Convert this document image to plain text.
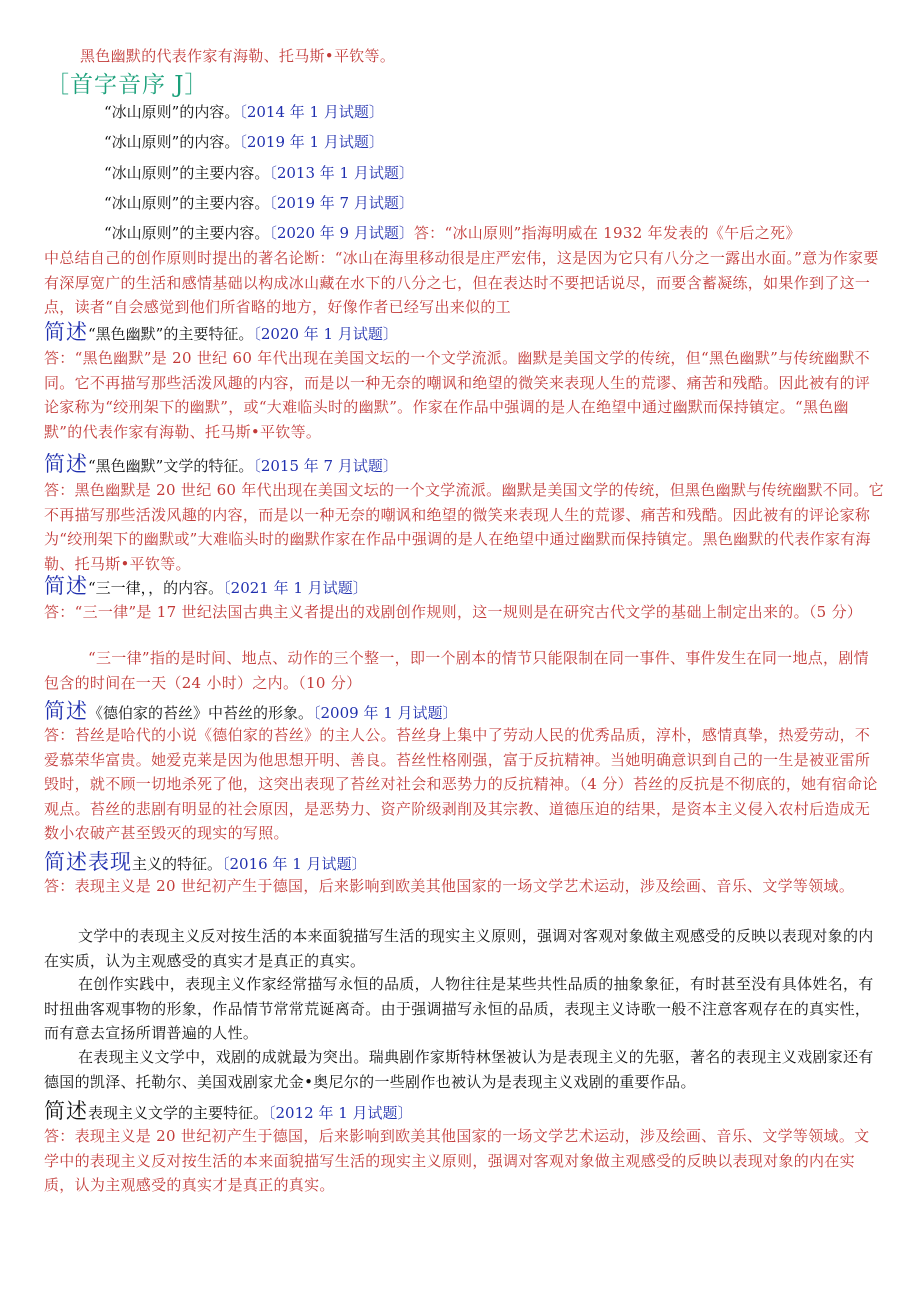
黑色幽默的代表作家有海勒、托马斯•平钦等。
［首字音序 J］
“冰山原则”的内容。〔2014 年 1 月试题〕
“冰山原则”的内容。〔2019 年 1 月试题〕
“冰山原则”的主要内容。〔2013 年 1 月试题〕
“冰山原则”的主要内容。〔2019 年 7 月试题〕
“冰山原则”的主要内容。〔2020 年 9 月试题〕答：“冰山原则”指海明威在 1932 年发表的《午后之死》
中总结自己的创作原则时提出的著名论断：“冰山在海里移动很是庄严宏伟，这是因为它只有八分之一露出水面。”意为作家要有深厚宽广的生活和感情基础以构成冰山藏在水下的八分之七，但在表达时不要把话说尽，而要含蓄凝练，如果作到了这一点，读者“自会感觉到他们所省略的地方，好像作者已经写出来似的工
简述“黑色幽默”的主要特征。〔2020 年 1 月试题〕
答：“黑色幽默”是 20 世纪 60 年代出现在美国文坛的一个文学流派。幽默是美国文学的传统，但“黑色幽默”与传统幽默不同。它不再描写那些活泼风趣的内容，而是以一种无奈的嘲讽和绝望的微笑来表现人生的荒谬、痛苦和残酷。因此被有的评论家称为“绞刑架下的幽默”，或“大难临头时的幽默”。作家在作品中强调的是人在绝望中通过幽默而保持镇定。“黑色幽默”的代表作家有海勒、托马斯•平钦等。
简述“黑色幽默”文学的特征。〔2015 年 7 月试题〕
答：黑色幽默是 20 世纪 60 年代出现在美国文坛的一个文学流派。幽默是美国文学的传统，但黑色幽默与传统幽默不同。它不再描写那些活泼风趣的内容，而是以一种无奈的嘲讽和绝望的微笑来表现人生的荒谬、痛苦和残酷。因此被有的评论家称为“绞刑架下的幽默或”大难临头时的幽默作家在作品中强调的是人在绝望中通过幽默而保持镇定。黑色幽默的代表作家有海勒、托马斯•平钦等。
简述“三一律，，的内容。〔2021 年 1 月试题〕
答：“三一律”是 17 世纪法国古典主义者提出的戏剧创作规则，这一规则是在研究古代文学的基础上制定出来的。（5 分）
“三一律”指的是时间、地点、动作的三个整一，即一个剧本的情节只能限制在同一事件、事件发生在同一地点，剧情包含的时间在一天（24 小时）之内。（10 分）
简述《德伯家的苔丝》中苔丝的形象。〔2009 年 1 月试题〕
答：苔丝是哈代的小说《德伯家的苔丝》的主人公。苔丝身上集中了劳动人民的优秀品质，淳朴，感情真挚，热爱劳动，不爱慕荣华富贵。她爱克莱是因为他思想开明、善良。苔丝性格刚强，富于反抗精神。当她明确意识到自己的一生是被亚雷所毁时，就不顾一切地杀死了他，这突出表现了苔丝对社会和恶势力的反抗精神。（4 分）苔丝的反抗是不彻底的，她有宿命论观点。苔丝的悲剧有明显的社会原因，是恶势力、资产阶级剥削及其宗教、道德压迫的结果，是资本主义侵入农村后造成无数小农破产甚至毁灭的现实的写照。
简述表现主义的特征。〔2016 年 1 月试题〕
答：表现主义是 20 世纪初产生于德国，后来影响到欧美其他国家的一场文学艺术运动，涉及绘画、音乐、文学等领域。
文学中的表现主义反对按生活的本来面貌描写生活的现实主义原则，强调对客观对象做主观感受的反映以表现对象的内在实质，认为主观感受的真实才是真正的真实。
在创作实践中，表现主义作家经常描写永恒的品质，人物往往是某些共性品质的抽象象征，有时甚至没有具体姓名，有时扭曲客观事物的形象，作品情节常常荒诞离奇。由于强调描写永恒的品质，表现主义诗歌一般不注意客观存在的真实性，而有意去宣扬所谓普遍的人性。
在表现主义文学中，戏剧的成就最为突出。瑞典剧作家斯特林堡被认为是表现主义的先驱，著名的表现主义戏剧家还有德国的凯泽、托勒尔、美国戏剧家尤金•奥尼尔的一些剧作也被认为是表现主义戏剧的重要作品。
简述表现主义文学的主要特征。〔2012 年 1 月试题〕
答：表现主义是 20 世纪初产生于德国，后来影响到欧美其他国家的一场文学艺术运动，涉及绘画、音乐、文学等领域。文学中的表现主义反对按生活的本来面貌描写生活的现实主义原则，强调对客观对象做主观感受的反映以表现对象的内在实质，认为主观感受的真实才是真正的真实。
